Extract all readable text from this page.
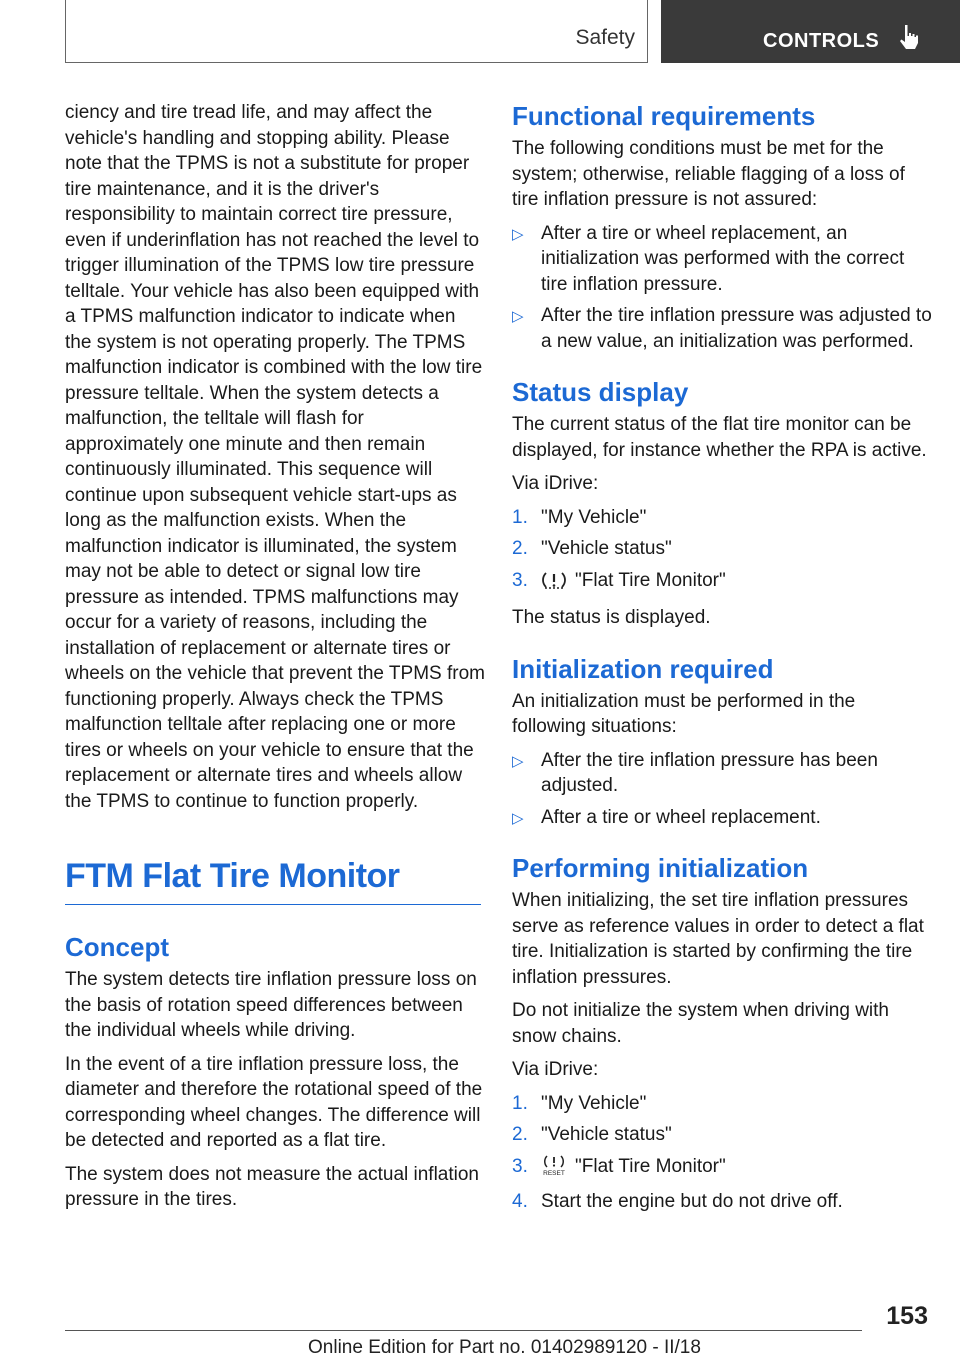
Safety	CONTROLS

ciency and tire tread life, and may affect the vehicle's handling and stopping ability. Please note that the TPMS is not a substitute for proper tire maintenance, and it is the driver's responsibility to maintain correct tire pressure, even if underinflation has not reached the level to trigger illumination of the TPMS low tire pressure telltale. Your vehicle has also been equipped with a TPMS malfunction indicator to indicate when the system is not operating properly. The TPMS malfunction indicator is combined with the low tire pressure telltale. When the system detects a malfunction, the telltale will flash for approximately one minute and then remain continuously illuminated. This sequence will continue upon subsequent vehicle start-ups as long as the malfunction exists. When the malfunction indicator is illuminated, the system may not be able to detect or signal low tire pressure as intended. TPMS malfunctions may occur for a variety of reasons, including the installation of replacement or alternate tires or wheels on the vehicle that prevent the TPMS from functioning properly. Always check the TPMS malfunction telltale after replacing one or more tires or wheels on your vehicle to ensure that the replacement or alternate tires and wheels allow the TPMS to continue to function properly.

FTM Flat Tire Monitor
Concept

The system detects tire inflation pressure loss on the basis of rotation speed differences between the individual wheels while driving.

In the event of a tire inflation pressure loss, the diameter and therefore the rotational speed of the corresponding wheel changes. The difference will be detected and reported as a flat tire.

The system does not measure the actual inflation pressure in the tires.

Functional requirements

The following conditions must be met for the system; otherwise, reliable flagging of a loss of tire inflation pressure is not assured:

▷ After a tire or wheel replacement, an initialization was performed with the correct tire inflation pressure.
▷ After the tire inflation pressure was adjusted to a new value, an initialization was performed.
Status display

The current status of the flat tire monitor can be displayed, for instance whether the RPA is active.

Via iDrive:

1. "My Vehicle"
2. "Vehicle status"
3. "Flat Tire Monitor"

The status is displayed.

Initialization required

An initialization must be performed in the following situations:

▷ After the tire inflation pressure has been adjusted.
▷ After a tire or wheel replacement.
Performing initialization

When initializing, the set tire inflation pressures serve as reference values in order to detect a flat tire. Initialization is started by confirming the tire inflation pressures.

Do not initialize the system when driving with snow chains.

Via iDrive:

1. "My Vehicle"
2. "Vehicle status"
3. RESET "Flat Tire Monitor"
4. Start the engine but do not drive off.
153
Online Edition for Part no. 01402989120 - II/18
